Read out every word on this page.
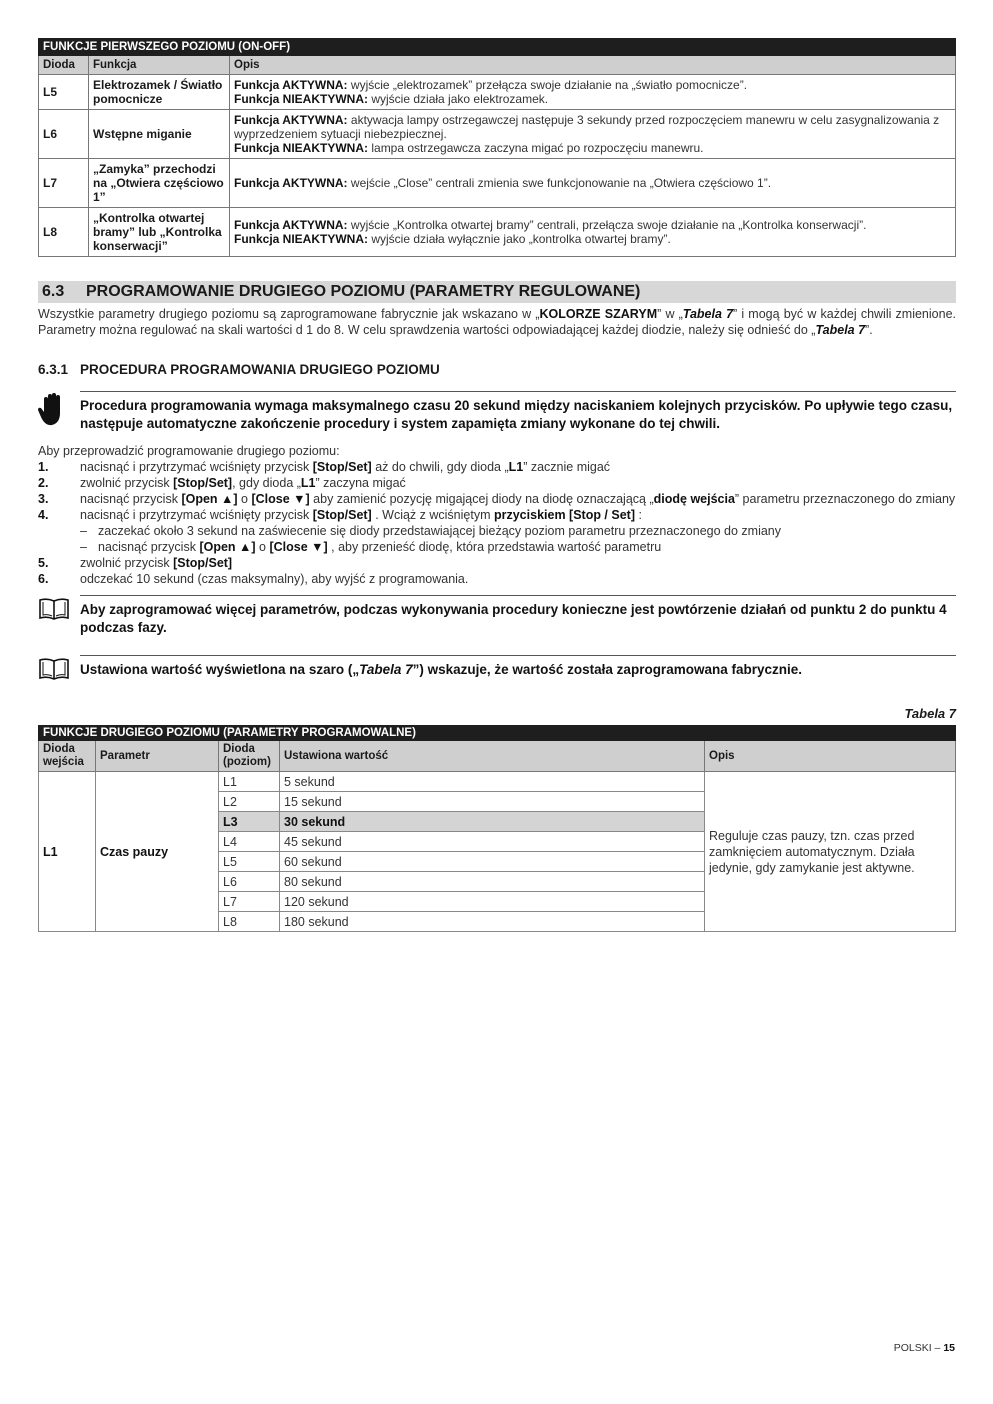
FUNKCJE PIERWSZEGO POZIOMU (ON-OFF)		
Dioda	Funkcja	Opis
L5	Elektrozamek / Światło pomocnicze	Funkcja AKTYWNA: wyjście „elektrozamek” przełącza swoje działanie na „światło pomocnicze”.
Funkcja NIEAKTYWNA: wyjście działa jako elektrozamek.

L6	Wstępne miganie	Funkcja AKTYWNA: aktywacja lampy ostrzegawczej następuje 3 sekundy przed rozpoczęciem manewru w celu zasygnalizowania z wyprzedzeniem sytuacji niebezpiecznej.
Funkcja NIEAKTYWNA: lampa ostrzegawcza zaczyna migać po rozpoczęciu manewru.

L7	„Zamyka” przechodzi na „Otwiera częściowo 1”	Funkcja AKTYWNA: wejście „Close” centrali zmienia swe funkcjonowanie na „Otwiera częściowo 1”.

L8	„Kontrolka otwartej bramy” lub „Kontrolka konserwacji”	Funkcja AKTYWNA: wyjście „Kontrolka otwartej bramy” centrali, przełącza swoje działanie na „Kontrolka konserwacji”.
Funkcja NIEAKTYWNA: wyjście działa wyłącznie jako „kontrolka otwartej bramy”.
6.3 PROGRAMOWANIE DRUGIEGO POZIOMU (PARAMETRY REGULOWANE)
Wszystkie parametry drugiego poziomu są zaprogramowane fabrycznie jak wskazano w „KOLORZE SZARYM” w „Tabela 7” i mogą być w każdej chwili zmienione. Parametry można regulować na skali wartości d 1 do 8. W celu sprawdzenia wartości odpowiadającej każdej diodzie, należy się odnieść do „Tabela 7”.
6.3.1 PROCEDURA PROGRAMOWANIA DRUGIEGO POZIOMU
Procedura programowania wymaga maksymalnego czasu 20 sekund między naciskaniem kolejnych przycisków. Po upływie tego czasu, następuje automatyczne zakończenie procedury i system zapamięta zmiany wykonane do tej chwili.
Aby przeprowadzić programowanie drugiego poziomu:
1.	nacisnąć i przytrzymać wciśnięty przycisk [Stop/Set] aż do chwili, gdy dioda „L1” zacznie migać
2.	zwolnić przycisk [Stop/Set], gdy dioda „L1” zaczyna migać
3.	nacisnąć przycisk [Open ▲] o [Close ▼] aby zamienić pozycję migającej diody na diodę oznaczającą „diodę wejścia” parametru przeznaczonego do zmiany
4.	nacisnąć i przytrzymać wciśnięty przycisk [Stop/Set] . Wciąż z wciśniętym przyciskiem [Stop / Set] :
– zaczekać około 3 sekund na zaświecenie się diody przedstawiającej bieżący poziom parametru przeznaczonego do zmiany
– nacisnąć przycisk [Open ▲] o [Close ▼] , aby przenieść diodę, która przedstawia wartość parametru
5.	zwolnić przycisk [Stop/Set]
6.	odczekać 10 sekund (czas maksymalny), aby wyjść z programowania.
Aby zaprogramować więcej parametrów, podczas wykonywania procedury konieczne jest powtórzenie działań od punktu 2 do punktu 4 podczas fazy.
Ustawiona wartość wyświetlona na szaro („Tabela 7”) wskazuje, że wartość została zaprogramowana fabrycznie.
Tabela 7
FUNKCJE DRUGIEGO POZIOMU (PARAMETRY PROGRAMOWALNE)				
Dioda wejścia	Parametr	Dioda (poziom)	Ustawiona wartość	Opis
L1	Czas pauzy	L1	5 sekund	Reguluje czas pauzy, tzn. czas przed zamknięciem automatycznym. Działa jedynie, gdy zamykanie jest aktywne.
		L2	15 sekund	
		L3	30 sekund	
		L4	45 sekund	
		L5	60 sekund	
		L6	80 sekund	
		L7	120 sekund	
		L8	180 sekund	
POLSKI – 15
